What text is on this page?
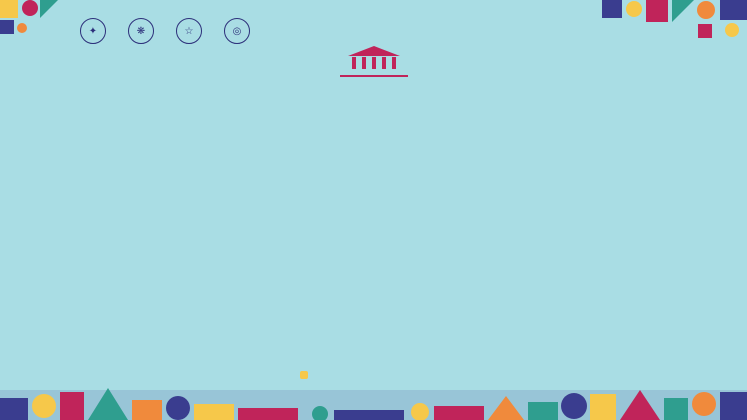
✦	❋	☆	◎
